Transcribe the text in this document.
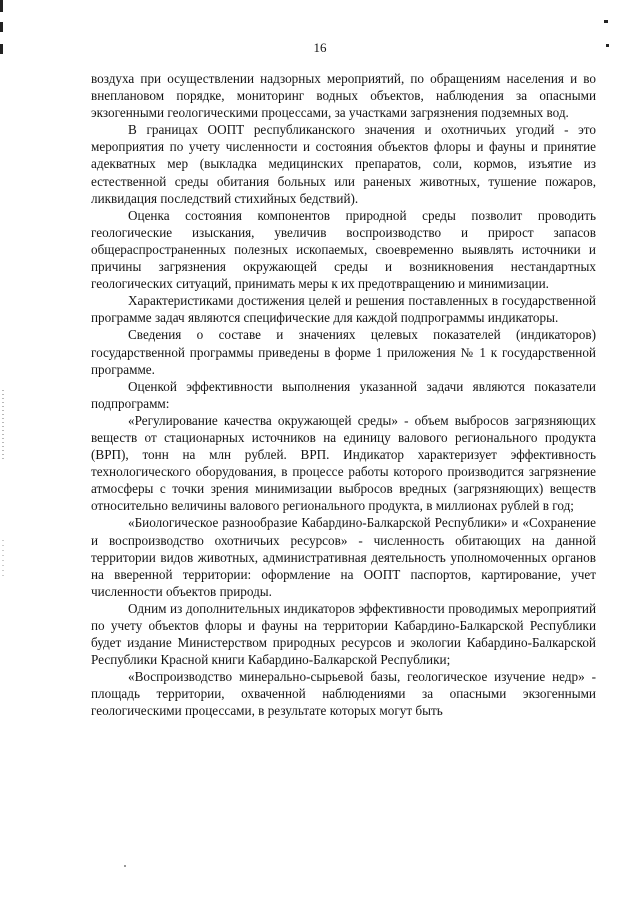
16

воздуха при осуществлении надзорных мероприятий, по обращениям населения и во внеплановом порядке, мониторинг водных объектов, наблюдения за опасными экзогенными геологическими процессами, за участками загрязнения подземных вод.

В границах ООПТ республиканского значения и охотничьих угодий - это мероприятия по учету численности и состояния объектов флоры и фауны и принятие адекватных мер (выкладка медицинских препаратов, соли, кормов, изъятие из естественной среды обитания больных или раненых животных, тушение пожаров, ликвидация последствий стихийных бедствий).

Оценка состояния компонентов природной среды позволит проводить геологические изыскания, увеличив воспроизводство и прирост запасов общераспространенных полезных ископаемых, своевременно выявлять источники и причины загрязнения окружающей среды и возникновения нестандартных геологических ситуаций, принимать меры к их предотвращению и минимизации.

Характеристиками достижения целей и решения поставленных в государственной программе задач являются специфические для каждой подпрограммы индикаторы.

Сведения о составе и значениях целевых показателей (индикаторов) государственной программы приведены в форме 1 приложения № 1 к государственной программе.

Оценкой эффективности выполнения указанной задачи являются показатели подпрограмм:

«Регулирование качества окружающей среды» - объем выбросов загрязняющих веществ от стационарных источников на единицу валового регионального продукта (ВРП), тонн на млн рублей. ВРП. Индикатор характеризует эффективность технологического оборудования, в процессе работы которого производится загрязнение атмосферы с точки зрения минимизации выбросов вредных (загрязняющих) веществ относительно величины валового регионального продукта, в миллионах рублей в год;

«Биологическое разнообразие Кабардино-Балкарской Республики» и «Сохранение и воспроизводство охотничьих ресурсов» - численность обитающих на данной территории видов животных, административная деятельность уполномоченных органов на вверенной территории: оформление на ООПТ паспортов, картирование, учет численности объектов природы.

Одним из дополнительных индикаторов эффективности проводимых мероприятий по учету объектов флоры и фауны на территории Кабардино-Балкарской Республики будет издание Министерством природных ресурсов и экологии Кабардино-Балкарской Республики Красной книги Кабардино-Балкарской Республики;

«Воспроизводство минерально-сырьевой базы, геологическое изучение недр» - площадь территории, охваченной наблюдениями за опасными экзогенными геологическими процессами, в результате которых могут быть
